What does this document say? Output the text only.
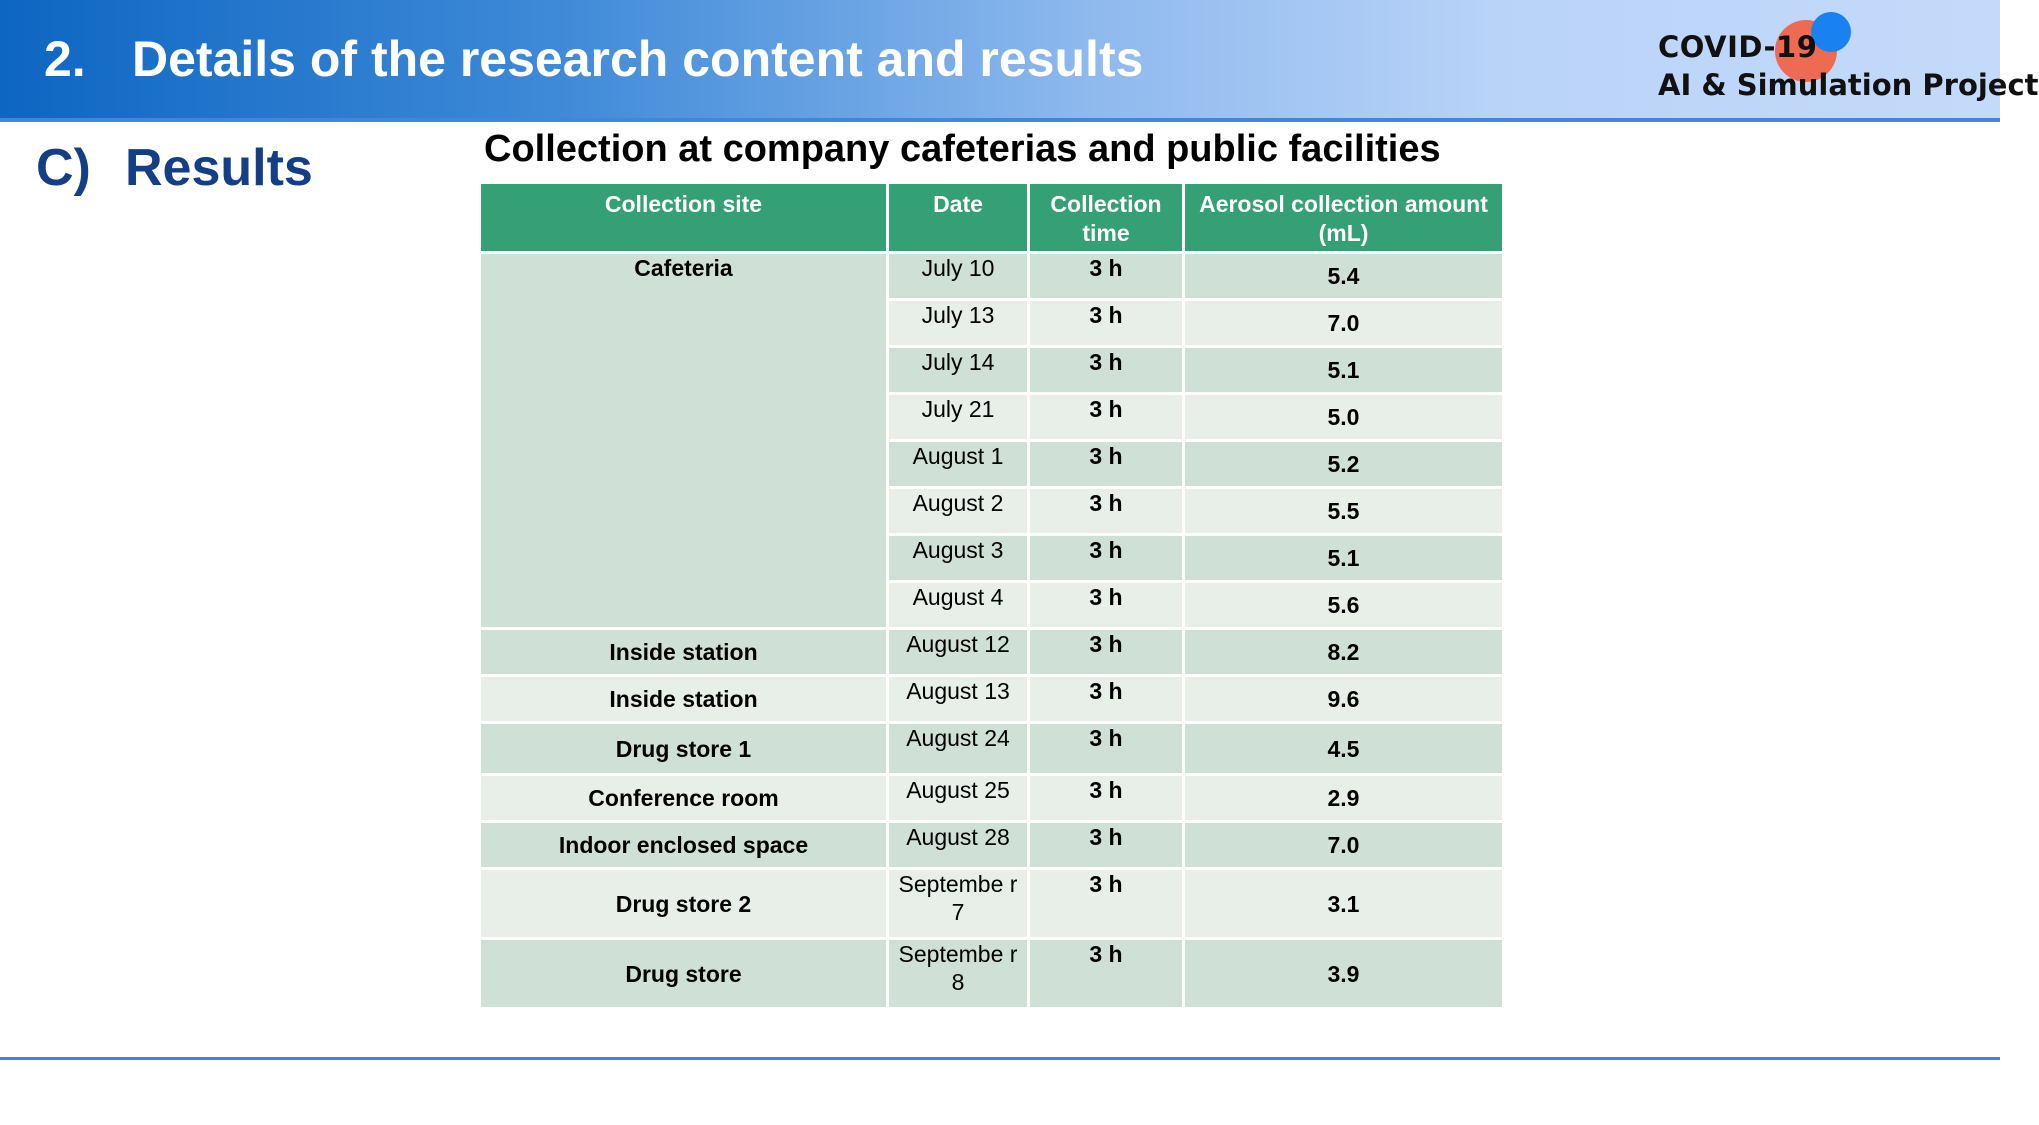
2. Details of the research content and results	COVID-19
AI & Simulation Project
C) Results	Collection at company cafeterias and public facilities
Collection site	Date	Collection time	Aerosol collection amount (mL)
Cafeteria	July 10	3 h	5.4
	July 13	3 h	7.0
	July 14	3 h	5.1
	July 21	3 h	5.0
	August 1	3 h	5.2
	August 2	3 h	5.5
	August 3	3 h	5.1
	August 4	3 h	5.6
Inside station	August 12	3 h	8.2
Inside station	August 13	3 h	9.6
Drug store 1	August 24	3 h	4.5
Conference room	August 25	3 h	2.9
Indoor enclosed space	August 28	3 h	7.0
Drug store 2	Septembe r 7	3 h	3.1
Drug store	Septembe r 8	3 h	3.9
